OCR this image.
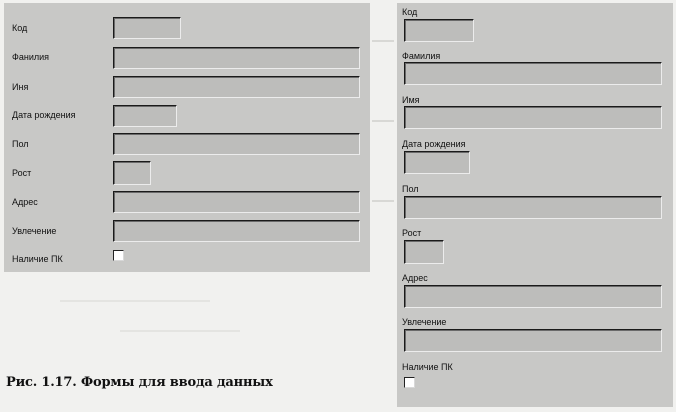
Код
Фанилия
Иня
Дата рождения
Пол
Рост
Адрес
Увлечение
Наличие ПК
Код
Фамилия
Имя
Дата рождения
Пол
Рост
Адрес
Увлечение
Наличие ПК
Рис. 1.17. Формы для ввода данных
